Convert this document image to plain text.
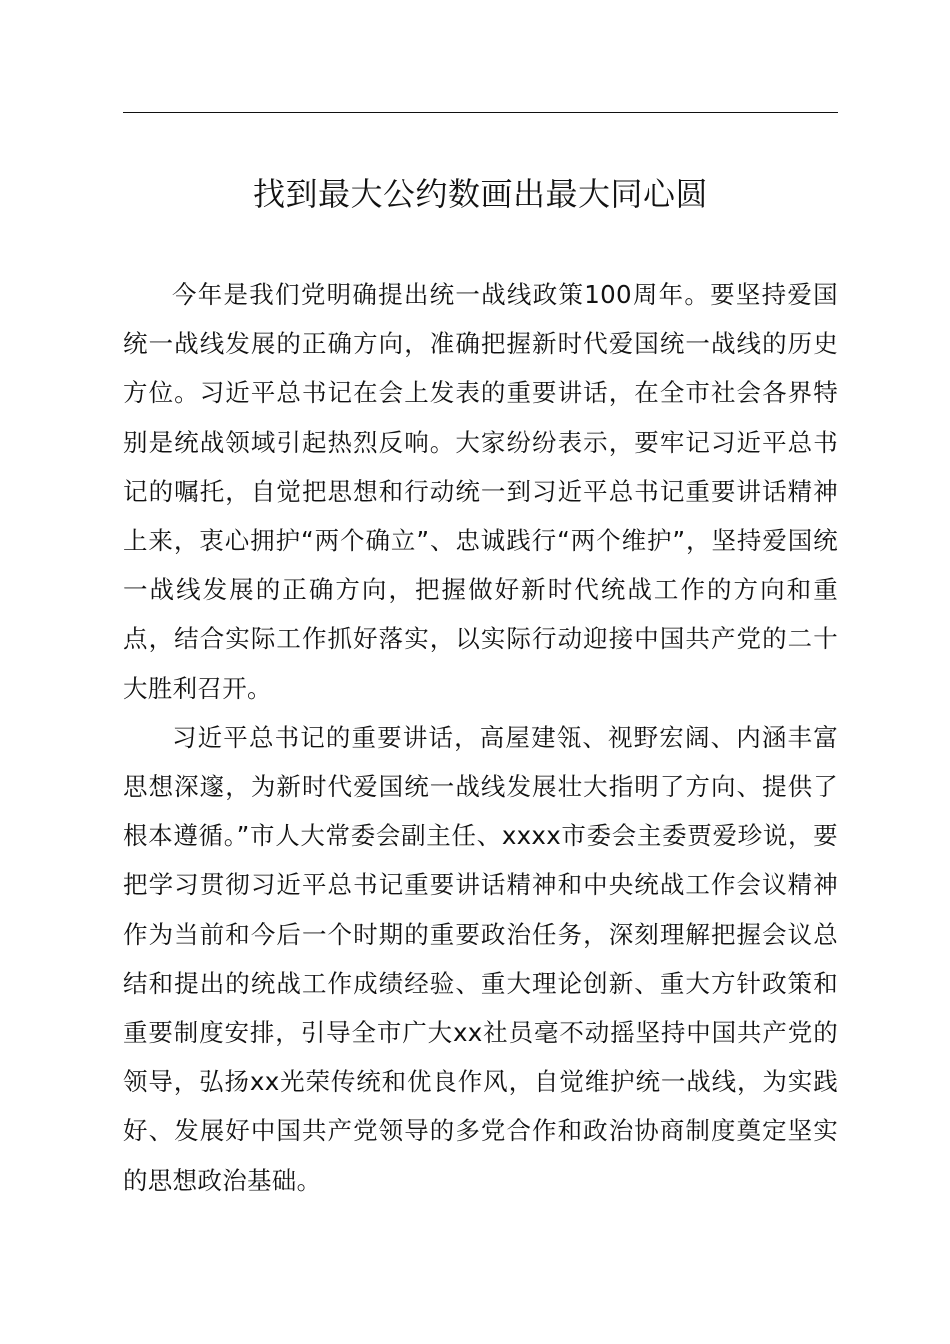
找到最大公约数画出最大同心圆

今年是我们党明确提出统一战线政策100周年。要坚持爱国统一战线发展的正确方向，准确把握新时代爱国统一战线的历史方位。习近平总书记在会上发表的重要讲话，在全市社会各界特别是统战领域引起热烈反响。大家纷纷表示，要牢记习近平总书记的嘱托，自觉把思想和行动统一到习近平总书记重要讲话精神上来，衷心拥护“两个确立”、忠诚践行“两个维护”，坚持爱国统一战线发展的正确方向，把握做好新时代统战工作的方向和重点，结合实际工作抓好落实，以实际行动迎接中国共产党的二十大胜利召开。

习近平总书记的重要讲话，高屋建瓴、视野宏阔、内涵丰富思想深邃，为新时代爱国统一战线发展壮大指明了方向、提供了根本遵循。”市人大常委会副主任、xxxx市委会主委贾爱珍说，要把学习贯彻习近平总书记重要讲话精神和中央统战工作会议精神作为当前和今后一个时期的重要政治任务，深刻理解把握会议总结和提出的统战工作成绩经验、重大理论创新、重大方针政策和重要制度安排，引导全市广大xx社员毫不动摇坚持中国共产党的领导，弘扬xx光荣传统和优良作风，自觉维护统一战线，为实践好、发展好中国共产党领导的多党合作和政治协商制度奠定坚实的思想政治基础。
